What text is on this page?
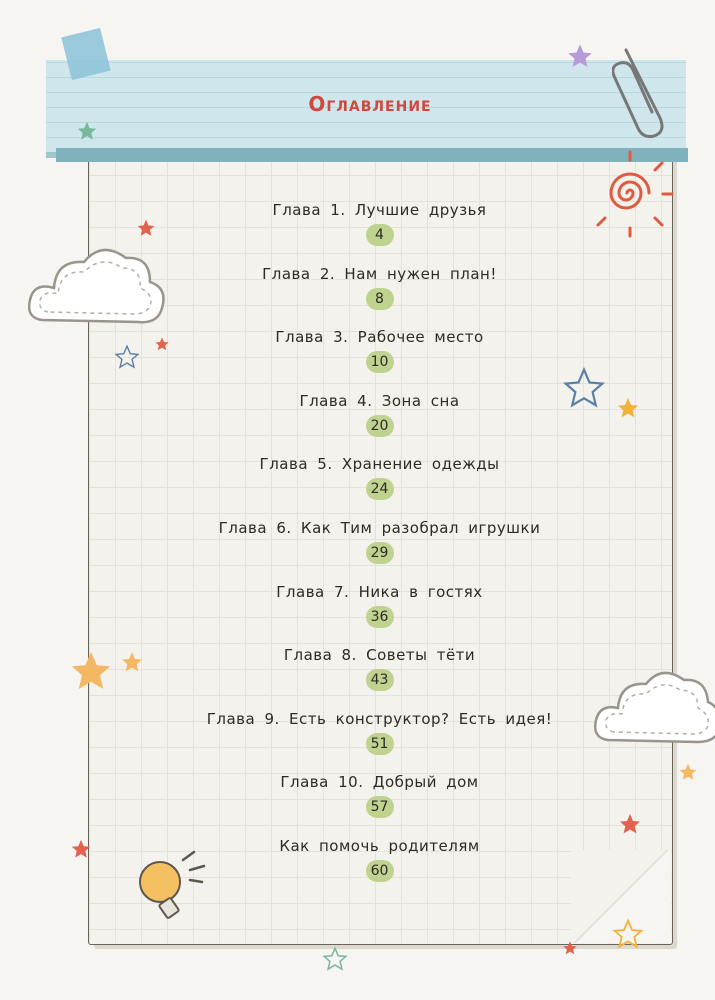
Оглавление
Глава 1. Лучшие друзья
4
Глава 2. Нам нужен план!
8
Глава 3. Рабочее место
10
Глава 4. Зона сна
20
Глава 5. Хранение одежды
24
Глава 6. Как Тим разобрал игрушки
29
Глава 7. Ника в гостях
36
Глава 8. Советы тёти
43
Глава 9. Есть конструктор? Есть идея!
51
Глава 10. Добрый дом
57
Как помочь родителям
60
